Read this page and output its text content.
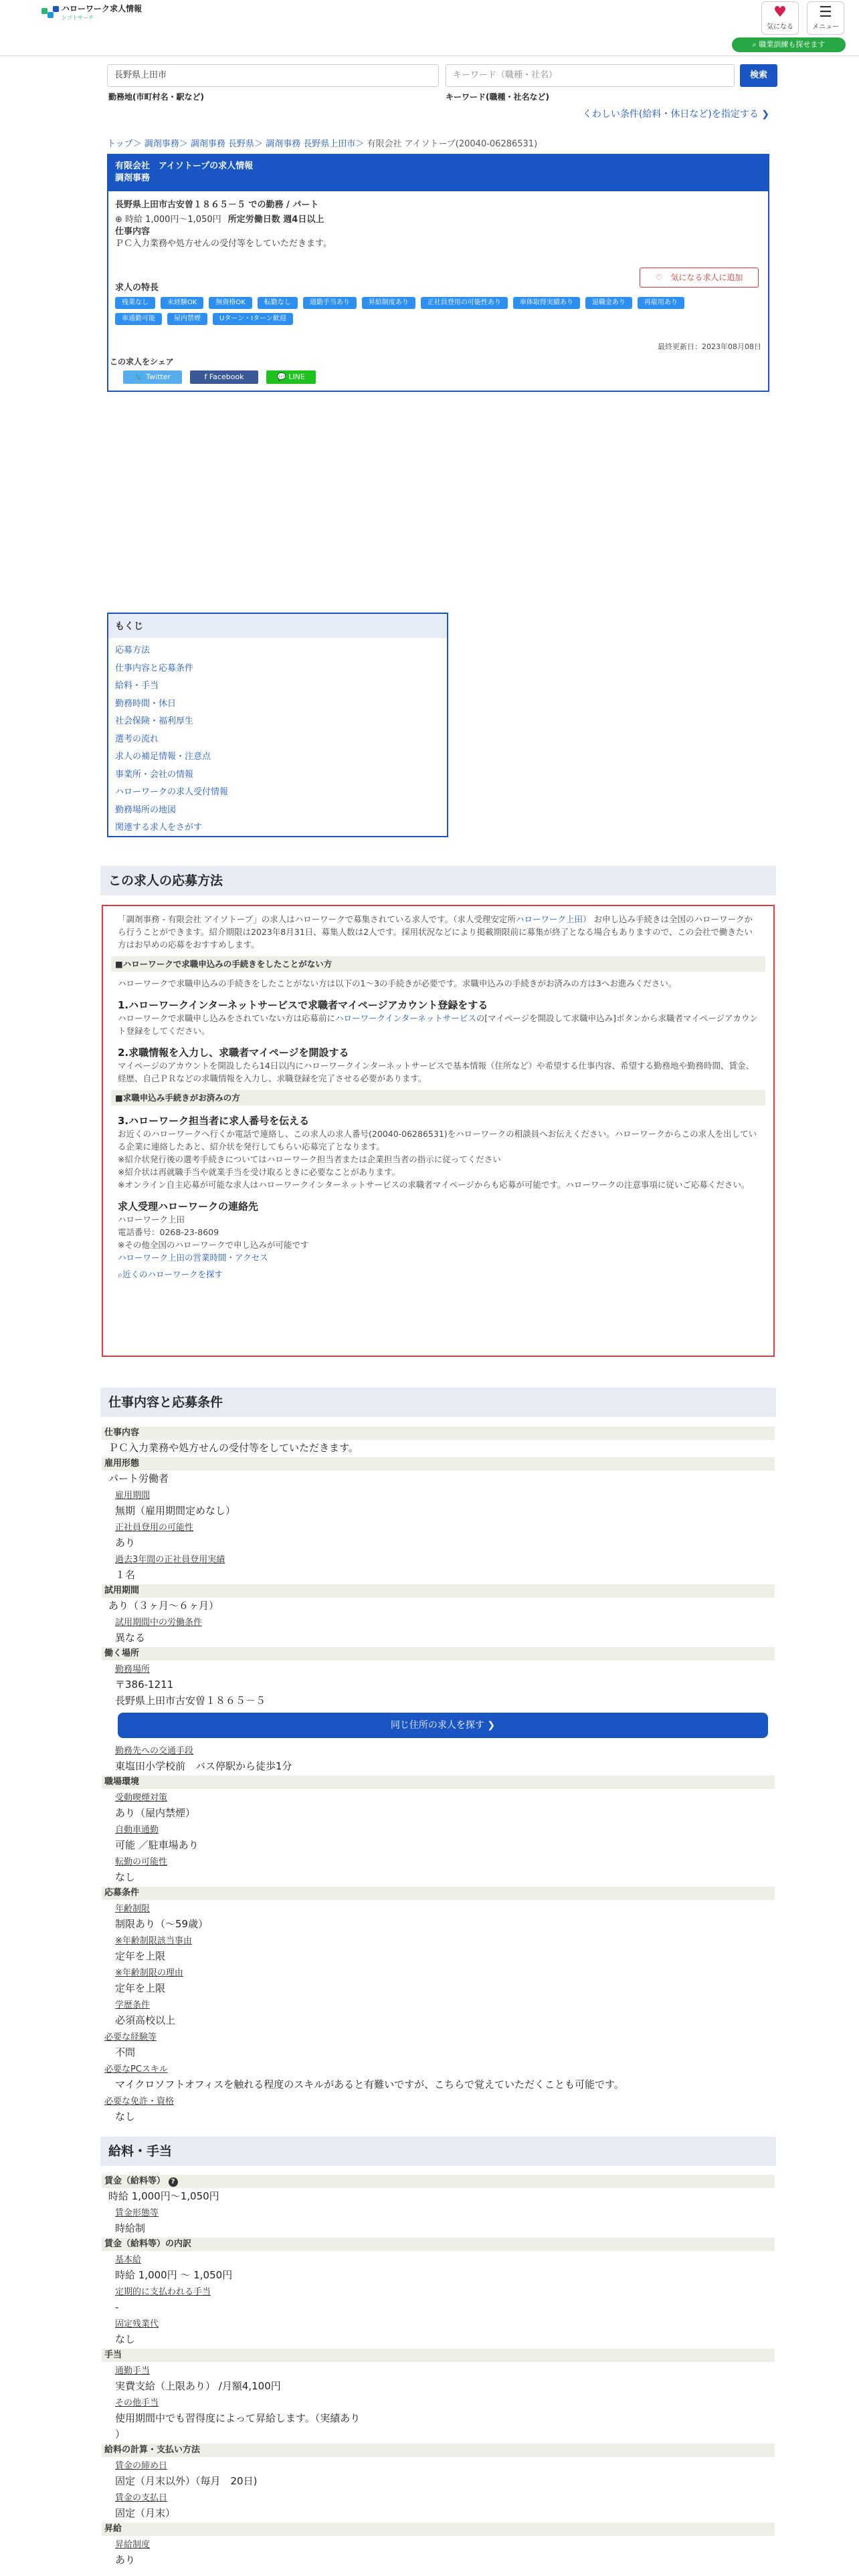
ハローワーク求人情報
シゴトサーチ	♥
気になる
☰
メニュー
⌕ 職業訓練も探せます
長野県上田市
勤務地(市町村名・駅など)
キーワード（職種・社名）
キーワード(職種・社名など)
検索
くわしい条件(給料・休日など)を指定する ❯
トップ＞ 調剤事務＞ 調剤事務 長野県＞ 調剤事務 長野県上田市＞ 有限会社 アイソトープ(20040-06286531)
有限会社　アイソトープの求人情報
調剤事務
長野県上田市古安曽１８６５－５ での勤務 / パート
⊕ 時給 1,000円〜1,050円 所定労働日数 週4日以上
仕事内容
ＰＣ入力業務や処方せんの受付等をしていただきます。
求人の特長
残業なし	未経験OK	無資格OK	転勤なし	通勤手当あり	昇給制度あり	正社員登用の可能性あり	車体取得実績あり	退職金あり	再雇用あり
車通勤可能	屋内禁煙	Uターン・Iターン歓迎
♡　気になる求人に追加
最終更新日：2023年08月08日
この求人をシェア
🐦 Twitter	f Facebook	💬 LINE
もくじ
応募方法
仕事内容と応募条件
給料・手当
勤務時間・休日
社会保険・福利厚生
選考の流れ
求人の補足情報・注意点
事業所・会社の情報
ハローワークの求人受付情報
勤務場所の地図
関連する求人をさがす
この求人の応募方法
「調剤事務 - 有限会社 アイソトープ」の求人はハローワークで募集されている求人です。（求人受理安定所ハローワーク上田） お申し込み手続きは全国のハローワークから行うことができます。紹介期限は2023年8月31日、募集人数は2人です。採用状況などにより掲載期限前に募集が終了となる場合もありますので、この会社で働きたい方はお早めの応募をおすすめします。
■ハローワークで求職申込みの手続きをしたことがない方
ハローワークで求職申込みの手続きをしたことがない方は以下の1〜3の手続きが必要です。求職申込みの手続きがお済みの方は3へお進みください。
1.ハローワークインターネットサービスで求職者マイページアカウント登録をする
ハローワークで求職申し込みをされていない方は応募前にハローワークインターネットサービスの[マイページを開設して求職申込み]ボタンから求職者マイページアカウント登録をしてください。
2.求職情報を入力し、求職者マイページを開設する
マイページのアカウントを開設したら14日以内にハローワークインターネットサービスで基本情報（住所など）や希望する仕事内容、希望する勤務地や勤務時間、賃金、経歴、自己ＰＲなどの求職情報を入力し、求職登録を完了させる必要があります。
■求職申込み手続きがお済みの方
3.ハローワーク担当者に求人番号を伝える
お近くのハローワークへ行くか電話で連絡し、この求人の求人番号(20040-06286531)をハローワークの相談員へお伝えください。ハローワークからこの求人を出している企業に連絡したあと、紹介状を発行してもらい応募完了となります。
※紹介状発行後の選考手続きについてはハローワーク担当者または企業担当者の指示に従ってください
※紹介状は再就職手当や就業手当を受け取るときに必要なことがあります。
※オンライン自主応募が可能な求人はハローワークインターネットサービスの求職者マイページからも応募が可能です。ハローワークの注意事項に従いご応募ください。
求人受理ハローワークの連絡先
ハローワーク上田
電話番号：0268-23-8609
※その他全国のハローワークで申し込みが可能です
ハローワーク上田の営業時間・アクセス
⌕近くのハローワークを探す
仕事内容と応募条件
仕事内容
ＰＣ入力業務や処方せんの受付等をしていただきます。
雇用形態
パート労働者
雇用期間
無期（雇用期間定めなし）
正社員登用の可能性
あり
過去3年間の正社員登用実績
１名
試用期間
あり（３ヶ月〜６ヶ月）
試用期間中の労働条件
異なる
働く場所
勤務場所
〒386-1211
長野県上田市古安曽１８６５－５
同じ住所の求人を探す ❯
勤務先への交通手段
東塩田小学校前　バス停駅から徒歩1分
職場環境
受動喫煙対策
あり（屋内禁煙）
自動車通勤
可能 ／駐車場あり
転勤の可能性
なし
応募条件
年齢制限
制限あり（〜59歳）
※年齢制限該当事由
定年を上限
※年齢制限の理由
定年を上限
学歴条件
必須高校以上
必要な経験等
不問
必要なPCスキル
マイクロソフトオフィスを触れる程度のスキルがあると有難いですが、こちらで覚えていただくことも可能です。
必要な免許・資格
なし
給料・手当
賃金（給料等） ?
時給 1,000円〜1,050円
賃金形態等
時給制
賃金（給料等）の内訳
基本給
時給 1,000円 〜 1,050円
定期的に支払われる手当
-
固定残業代
なし
手当
通勤手当
実費支給（上限あり） /月額4,100円
その他手当
使用期間中でも習得度によって昇給します。（実績あり
）
給料の計算・支払い方法
賃金の締め日
固定（月末以外）（毎月　20日)
賃金の支払日
固定（月末）
昇給
昇給制度
あり
